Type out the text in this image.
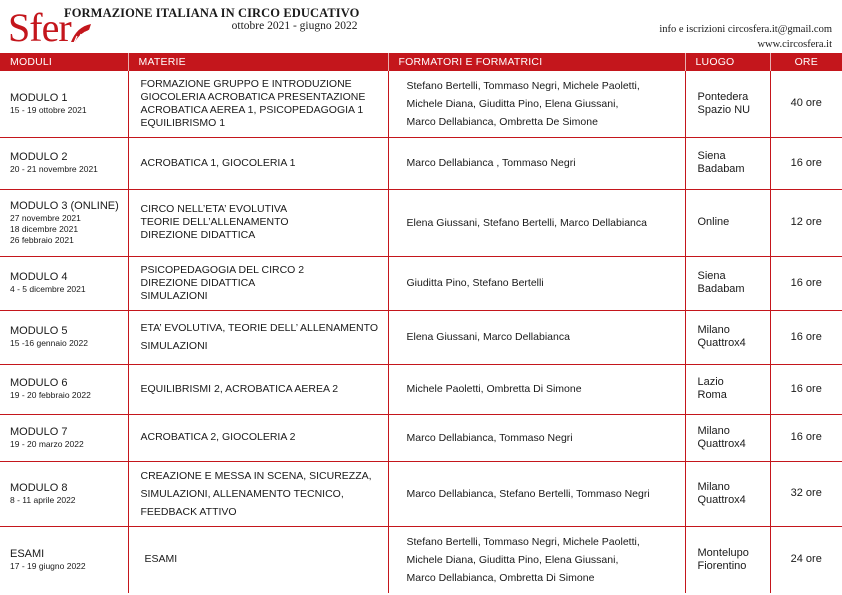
Sfer
FORMAZIONE ITALIANA IN CIRCO EDUCATIVO
ottobre 2021 - giugno 2022	info e iscrizioni circosfera.it@gmail.com
www.circosfera.it
MODULI	MATERIE	FORMATORI E FORMATRICI	LUOGO	ORE

MODULO 1
15 - 19 ottobre 2021	FORMAZIONE GRUPPO E INTRODUZIONE
GIOCOLERIA ACROBATICA PRESENTAZIONE
ACROBATICA AEREA 1, PSICOPEDAGOGIA 1
EQUILIBRISMO 1	Stefano Bertelli, Tommaso Negri, Michele Paoletti,
Michele Diana, Giuditta Pino, Elena Giussani,
Marco Dellabianca, Ombretta De Simone	Pontedera
Spazio NU	40 ore

MODULO 2
20 - 21 novembre 2021	ACROBATICA 1, GIOCOLERIA 1	Marco Dellabianca , Tommaso Negri	Siena
Badabam	16 ore

MODULO 3 (ONLINE)
27 novembre 2021
18 dicembre 2021
26 febbraio 2021	CIRCO NELL’ETA’ EVOLUTIVA
TEORIE DELL’ALLENAMENTO
DIREZIONE DIDATTICA	Elena Giussani, Stefano Bertelli, Marco Dellabianca	Online	12 ore

MODULO 4
4 - 5 dicembre 2021	PSICOPEDAGOGIA DEL CIRCO 2
DIREZIONE DIDATTICA
SIMULAZIONI	Giuditta Pino, Stefano Bertelli	Siena
Badabam	16 ore

MODULO 5
15 -16 gennaio 2022	ETA’ EVOLUTIVA, TEORIE DELL’ ALLENAMENTO
SIMULAZIONI	Elena Giussani, Marco Dellabianca	Milano
Quattrox4	16 ore

MODULO 6
19 - 20 febbraio 2022	EQUILIBRISMI 2, ACROBATICA AEREA 2	Michele Paoletti, Ombretta Di Simone	Lazio
Roma	16 ore

MODULO 7
19 - 20 marzo 2022	ACROBATICA 2, GIOCOLERIA 2	Marco Dellabianca, Tommaso Negri	Milano
Quattrox4	16 ore

MODULO 8
8 - 11 aprile 2022	CREAZIONE E MESSA IN SCENA, SICUREZZA,
SIMULAZIONI, ALLENAMENTO TECNICO,
FEEDBACK ATTIVO	Marco Dellabianca, Stefano Bertelli, Tommaso Negri	Milano
Quattrox4	32 ore

ESAMI
17 - 19 giugno 2022	ESAMI	Stefano Bertelli, Tommaso Negri, Michele Paoletti,
Michele Diana, Giuditta Pino, Elena Giussani,
Marco Dellabianca, Ombretta Di Simone	Montelupo
Fiorentino	24 ore
